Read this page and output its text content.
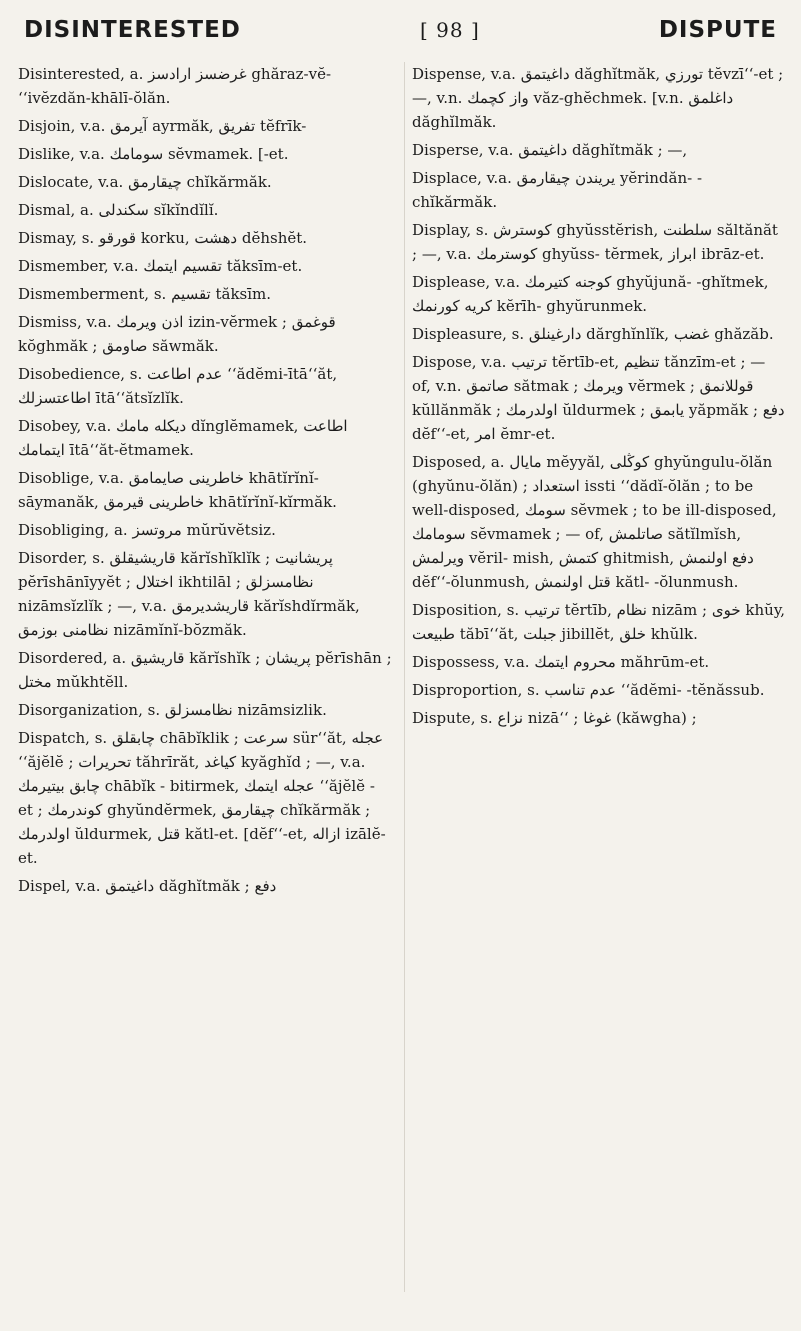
DISINTERESTED	[ 98 ]	DISPUTE

Disinterested, a. غرضسز ارادسز ghăraz-vĕ-ʻʻivĕzdăn-khālī-ŏlăn.

Disjoin, v.a. آيرمق ayrmăk, تفريق tĕfrīk-

Dislike, v.a. سومامك sĕvmamek. [-et.

Dislocate, v.a. چيقارمق chĭkărmăk.

Dismal, a. سكندلى sĭkĭndĭlĭ.

Dismay, s. قورقو korku, دهشت dĕhshĕt.

Dismember, v.a. تقسيم ايتمك tăksīm-et.

Dismemberment, s. تقسيم tăksīm.

Dismiss, v.a. اذن ويرمك izin-vĕrmek ; قوغمق kŏghmăk ; صاومق săwmăk.

Disobedience, s. عدم اطاعت ʻʻădĕmi-ītāʻʻăt, اطاعتسزلك ītāʻʻătsĭzlĭk.

Disobey, v.a. ديكله مامك dĭnglĕmamek, اطاعت ايتمامك ītāʻʻăt-ĕtmamek.

Disoblige, v.a. خاطرينى صايمامق khātĭrĭnĭ-sāymanăk, خاطرينى قيرمق khātĭrĭnĭ-kĭrmăk.

Disobliging, a. مروتسز mŭrŭvĕtsiz.

Disorder, s. قاريشيقلق kărĭshĭklĭk ; پريشانيت pĕrīshānīyyĕt ; اختلال ikhtilāl ; نظامسزلق nizāmsĭzlĭk ; —, v.a. قاريشديرمق kărĭshdĭrmăk, نظامنى بوزمق nizāmĭnĭ-bŏzmăk.

Disordered, a. قاريشيق kărĭshĭk ; پريشان pĕrīshān ; مختل mŭkhtĕll.

Disorganization, s. نظامسزلق nizāmsizlik.

Dispatch, s. چابقلق chābĭklik ; سرعت sürʻʻăt, عجله ʻʻăjĕlĕ ; تحريرات tăhrīrăt, كياغد kyăghĭd ; —, v.a. چابق بيتيرمك chābĭk - bitirmek, عجله ايتمك ʻʻăjĕlĕ - et ; كوندرمك ghyŭndĕrmek, چيقارمق chĭkărmăk ; اولدرمك ŭldurmek, قتل kătl-et. [dĕfʻʻ-et, ازاله izālĕ-et.

Dispel, v.a. داغيتمق dăghĭtmăk ; دفع

Dispense, v.a. داغيتمق dăghĭtmăk, تورزي tĕvzīʻʻ-et ; —, v.n. واز كچمك văz-ghĕchmek. [v.n. داغلمق dăghĭlmăk.

Disperse, v.a. داغيتمق dăghĭtmăk ; —,

Displace, v.a. يريندن چيقارمق yĕrindăn- -chĭkărmăk.

Display, s. كوسترش ghyŭsstĕrish, سلطنت săltănăt ; —, v.a. كوسترمك ghyŭss- tĕrmek, ابراز ibrāz-et.

Displease, v.a. كوجنه كتيرمك ghyŭjună- -ghĭtmek, كريه كورنمك kĕrīh- ghyŭrunmek.

Displeasure, s. دارغينلق dărghĭnlĭk, غضب ghăzăb.

Dispose, v.a. ترتيب tĕrtīb-et, تنظيم tănzīm-et ; — of, v.n. صاتمق sătmak ; ويرمك vĕrmek ; قوللانمق kŭllănmăk ; اولدرمك ŭldurmek ; يابمق yăpmăk ; دفع dĕfʻʻ-et, امر ĕmr-et.

Disposed, a. مايال mĕyyăl, كوڭلى ghyŭngulu-ŏlăn (ghyŭnu-ŏlăn) ; استعداد issti ʻʻdădĭ-ŏlăn ; to be well-disposed, سومك sĕvmek ; to be ill-disposed, سومامك sĕvmamek ; — of, صاتلمش sătĭlmĭsh, ويرلمش vĕril- mish, كتمش ghitmish, دفع اولنمش dĕfʻʻ-ŏlunmush, قتل اولنمش kătl- -ŏlunmush.

Disposition, s. ترتيب tĕrtīb, نظام nizām ; خوى khŭy, طبيعت tăbīʻʻăt, جبلت jibillĕt, خلق khŭlk.

Dispossess, v.a. محروم ايتمك măhrūm-et.

Disproportion, s. عدم تناسب ʻʻădĕmi- -tĕnăssub.

Dispute, s. نزاع nizāʻʻ ; غوغا (kăwgha) ;
